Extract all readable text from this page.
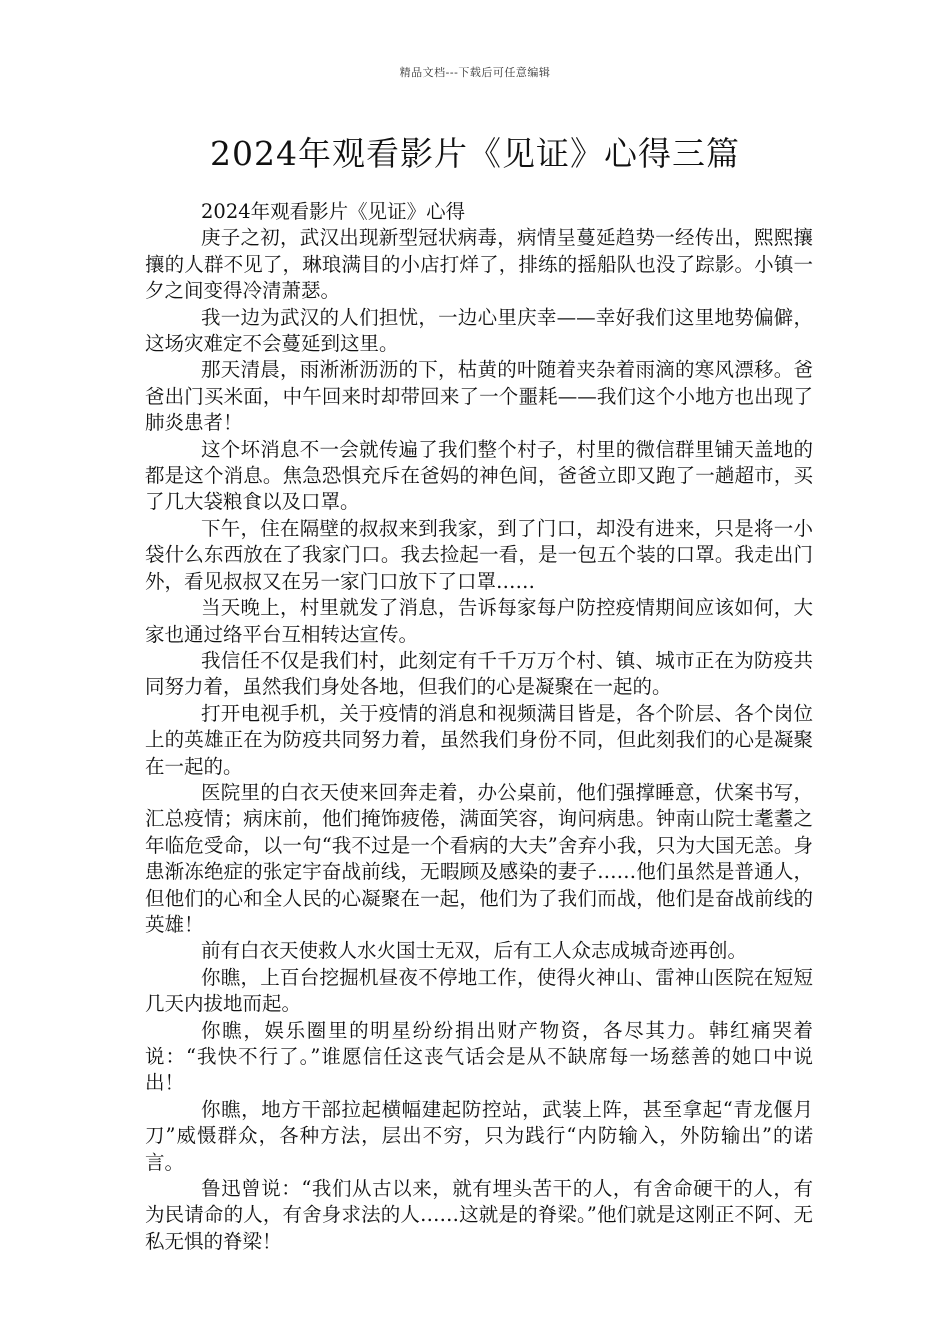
精品文档---下载后可任意编辑
2024年观看影片《见证》心得三篇

2024年观看影片《见证》心得

庚子之初，武汉出现新型冠状病毒，病情呈蔓延趋势一经传出，熙熙攘攘的人群不见了，琳琅满目的小店打烊了，排练的摇船队也没了踪影。小镇一夕之间变得冷清萧瑟。

我一边为武汉的人们担忧，一边心里庆幸——幸好我们这里地势偏僻，这场灾难定不会蔓延到这里。

那天清晨，雨淅淅沥沥的下，枯黄的叶随着夹杂着雨滴的寒风漂移。爸爸出门买米面，中午回来时却带回来了一个噩耗——我们这个小地方也出现了肺炎患者！

这个坏消息不一会就传遍了我们整个村子，村里的微信群里铺天盖地的都是这个消息。焦急恐惧充斥在爸妈的神色间，爸爸立即又跑了一趟超市，买了几大袋粮食以及口罩。

下午，住在隔壁的叔叔来到我家，到了门口，却没有进来，只是将一小袋什么东西放在了我家门口。我去捡起一看，是一包五个装的口罩。我走出门外，看见叔叔又在另一家门口放下了口罩……

当天晚上，村里就发了消息，告诉每家每户防控疫情期间应该如何，大家也通过络平台互相转达宣传。

我信任不仅是我们村，此刻定有千千万万个村、镇、城市正在为防疫共同努力着，虽然我们身处各地，但我们的心是凝聚在一起的。

打开电视手机，关于疫情的消息和视频满目皆是，各个阶层、各个岗位上的英雄正在为防疫共同努力着，虽然我们身份不同，但此刻我们的心是凝聚在一起的。

医院里的白衣天使来回奔走着，办公桌前，他们强撑睡意，伏案书写，汇总疫情；病床前，他们掩饰疲倦，满面笑容，询问病患。钟南山院士耄耋之年临危受命，以一句“我不过是一个看病的大夫”舍弃小我，只为大国无恙。身患渐冻绝症的张定宇奋战前线，无暇顾及感染的妻子……他们虽然是普通人，但他们的心和全人民的心凝聚在一起，他们为了我们而战，他们是奋战前线的英雄！

前有白衣天使救人水火国士无双，后有工人众志成城奇迹再创。

你瞧，上百台挖掘机昼夜不停地工作，使得火神山、雷神山医院在短短几天内拔地而起。

你瞧，娱乐圈里的明星纷纷捐出财产物资，各尽其力。韩红痛哭着说：“我快不行了。”谁愿信任这丧气话会是从不缺席每一场慈善的她口中说出！

你瞧，地方干部拉起横幅建起防控站，武装上阵，甚至拿起“青龙偃月刀”威慑群众，各种方法，层出不穷，只为践行“内防输入，外防输出”的诺言。

鲁迅曾说：“我们从古以来，就有埋头苦干的人，有舍命硬干的人，有为民请命的人，有舍身求法的人……这就是的脊梁。”他们就是这刚正不阿、无私无惧的脊梁！
